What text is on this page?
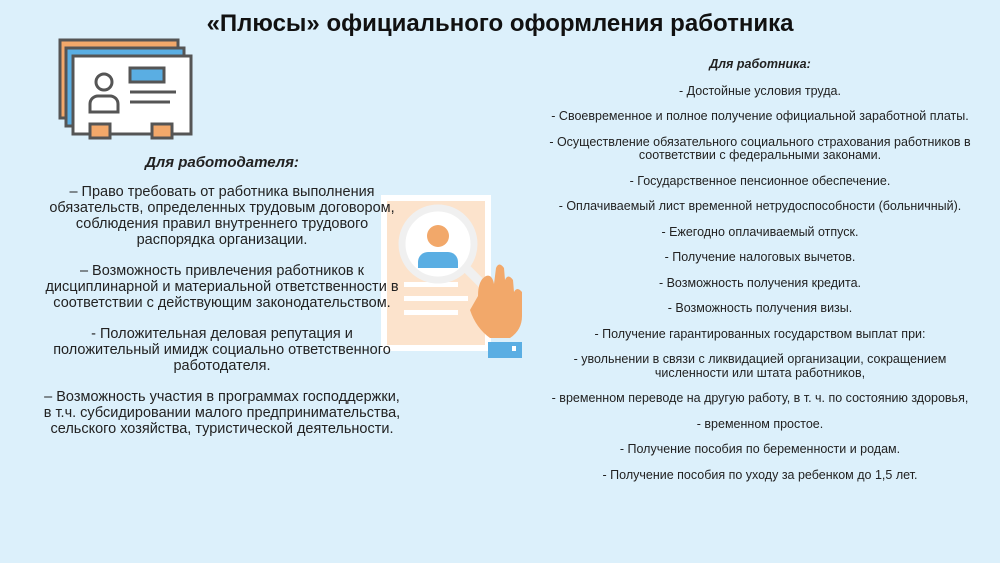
«Плюсы» официального оформления работника
Для работодателя:
– Право требовать от работника выполнения обязательств, определенных трудовым договором, соблюдения правил внутреннего трудового распорядка организации.
– Возможность привлечения работников к дисциплинарной и материальной ответственности в соответствии с действующим законодательством.
- Положительная деловая репутация и положительный имидж социально ответственного работодателя.
– Возможность участия в программах господдержки, в т.ч. субсидировании малого предпринимательства, сельского хозяйства, туристической деятельности.
Для работника:
- Достойные условия труда.
- Своевременное и полное получение официальной заработной платы.
- Осуществление обязательного социального страхования работников в соответствии с федеральными законами.
- Государственное пенсионное обеспечение.
- Оплачиваемый лист временной нетрудоспособности (больничный).
- Ежегодно оплачиваемый отпуск.
- Получение налоговых вычетов.
- Возможность получения кредита.
- Возможность получения визы.
- Получение гарантированных государством выплат при:
- увольнении в связи с ликвидацией организации, сокращением численности или штата работников,
- временном переводе на другую работу, в т. ч. по состоянию здоровья,
- временном простое.
- Получение пособия по беременности и родам.
- Получение пособия по уходу за ребенком до 1,5 лет.
